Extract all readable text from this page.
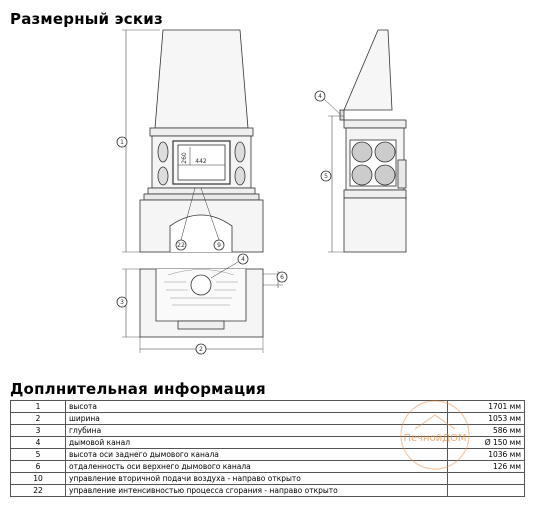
Размерный эскиз
442
260
1
22	9
4
5
4
6
3
2
Доплнительная информация
1	высота	1701 мм
2	ширина	1053 мм
3	глубина	586 мм
4	дымовой канал	Ø 150 мм
5	высота оси заднего дымового канала	1036 мм
6	отдаленность оси верхнего дымового канала	126 мм
10	управление вторичной подачи воздуха - направо открыто	
22	управление интенсивностью процесса сгорания - направо открыто	
ПечнойДОМ
